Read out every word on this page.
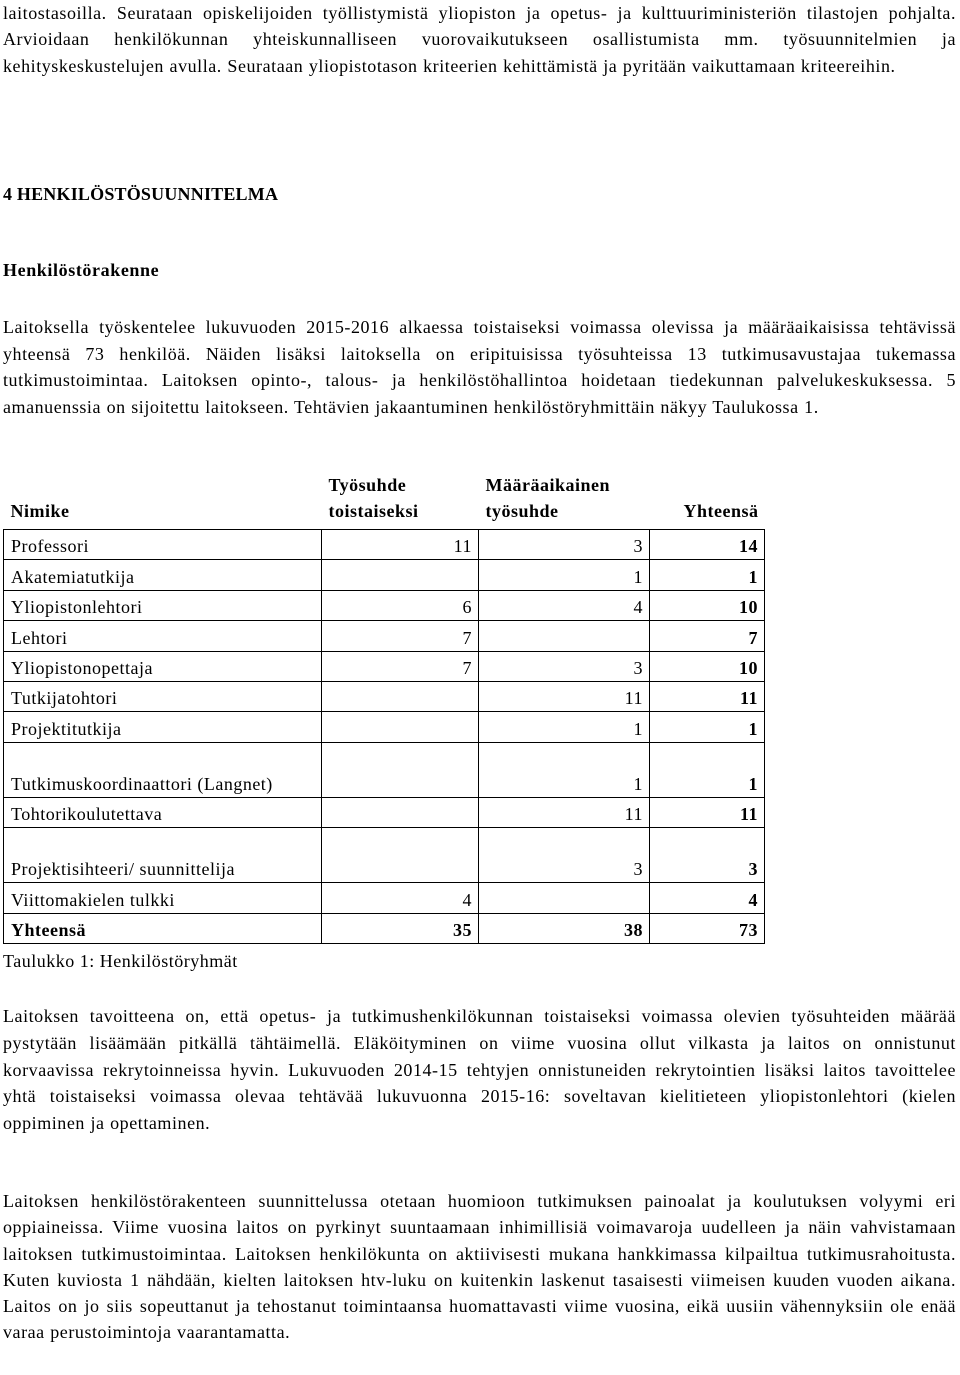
laitostasoilla. Seurataan opiskelijoiden työllistymistä yliopiston ja opetus- ja kulttuuriministeriön tilastojen pohjalta. Arvioidaan henkilökunnan yhteiskunnalliseen vuorovaikutukseen osallistumista mm. työsuunnitelmien ja kehityskeskustelujen avulla. Seurataan yliopistotason kriteerien kehittämistä ja pyritään vaikuttamaan kriteereihin.

4 HENKILÖSTÖSUUNNITELMA
Henkilöstörakenne

Laitoksella työskentelee lukuvuoden 2015-2016 alkaessa toistaiseksi voimassa olevissa ja määräaikaisissa tehtävissä yhteensä 73 henkilöä. Näiden lisäksi laitoksella on eripituisissa työsuhteissa 13 tutkimusavustajaa tukemassa tutkimustoimintaa. Laitoksen opinto-, talous- ja henkilöstöhallintoa hoidetaan tiedekunnan palvelukeskuksessa. 5 amanuenssia on sijoitettu laitokseen. Tehtävien jakaantuminen henkilöstöryhmittäin näkyy Taulukossa 1.

Nimike	Työsuhde toistaiseksi	Määräaikainen työsuhde	Yhteensä
Professori	11	3	14
Akatemiatutkija		1	1
Yliopistonlehtori	6	4	10
Lehtori	7		7
Yliopistonopettaja	7	3	10
Tutkijatohtori		11	11
Projektitutkija		1	1
Tutkimuskoordinaattori (Langnet)		1	1
Tohtorikoulutettava		11	11
Projektisihteeri/ suunnittelija		3	3
Viittomakielen tulkki	4		4
Yhteensä	35	38	73

Taulukko 1: Henkilöstöryhmät

Laitoksen tavoitteena on, että opetus- ja tutkimushenkilökunnan toistaiseksi voimassa olevien työsuhteiden määrää pystytään lisäämään pitkällä tähtäimellä. Eläköityminen on viime vuosina ollut vilkasta ja laitos on onnistunut korvaavissa rekrytoinneissa hyvin. Lukuvuoden 2014-15 tehtyjen onnistuneiden rekrytointien lisäksi laitos tavoittelee yhtä toistaiseksi voimassa olevaa tehtävää lukuvuonna 2015-16: soveltavan kielitieteen yliopistonlehtori (kielen oppiminen ja opettaminen.

Laitoksen henkilöstörakenteen suunnittelussa otetaan huomioon tutkimuksen painoalat ja koulutuksen volyymi eri oppiaineissa. Viime vuosina laitos on pyrkinyt suuntaamaan inhimillisiä voimavaroja uudelleen ja näin vahvistamaan laitoksen tutkimustoimintaa. Laitoksen henkilökunta on aktiivisesti mukana hankkimassa kilpailtua tutkimusrahoitusta. Kuten kuviosta 1 nähdään, kielten laitoksen htv-luku on kuitenkin laskenut tasaisesti viimeisen kuuden vuoden aikana. Laitos on jo siis sopeuttanut ja tehostanut toimintaansa huomattavasti viime vuosina, eikä uusiin vähennyksiin ole enää varaa perustoimintoja vaarantamatta.
